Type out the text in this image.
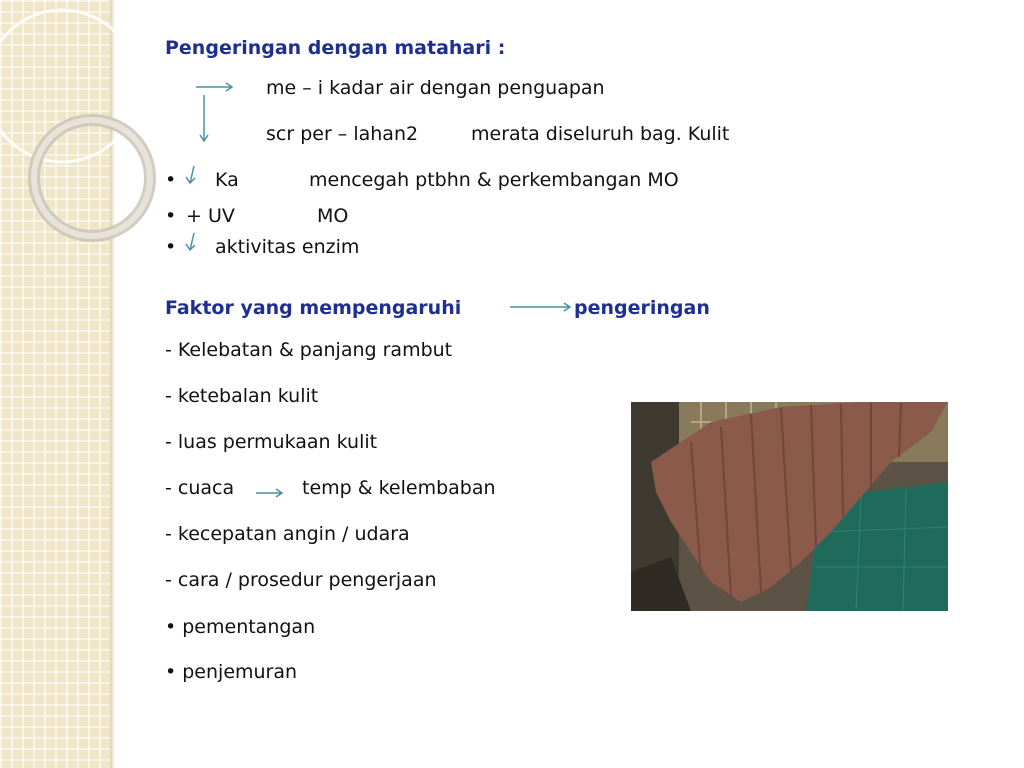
Pengeringan dengan matahari :
me – i kadar air dengan penguapan
scr per – lahan2	merata diseluruh bag. Kulit
• Ka	mencegah ptbhn & perkembangan MO
• + UV	MO
• aktivitas enzim
Faktor yang mempengaruhi	pengeringan
- Kelebatan & panjang rambut
- ketebalan kulit
- luas permukaan kulit
- cuaca	temp & kelembaban
- kecepatan angin / udara
- cara / prosedur pengerjaan
• pementangan
• penjemuran
